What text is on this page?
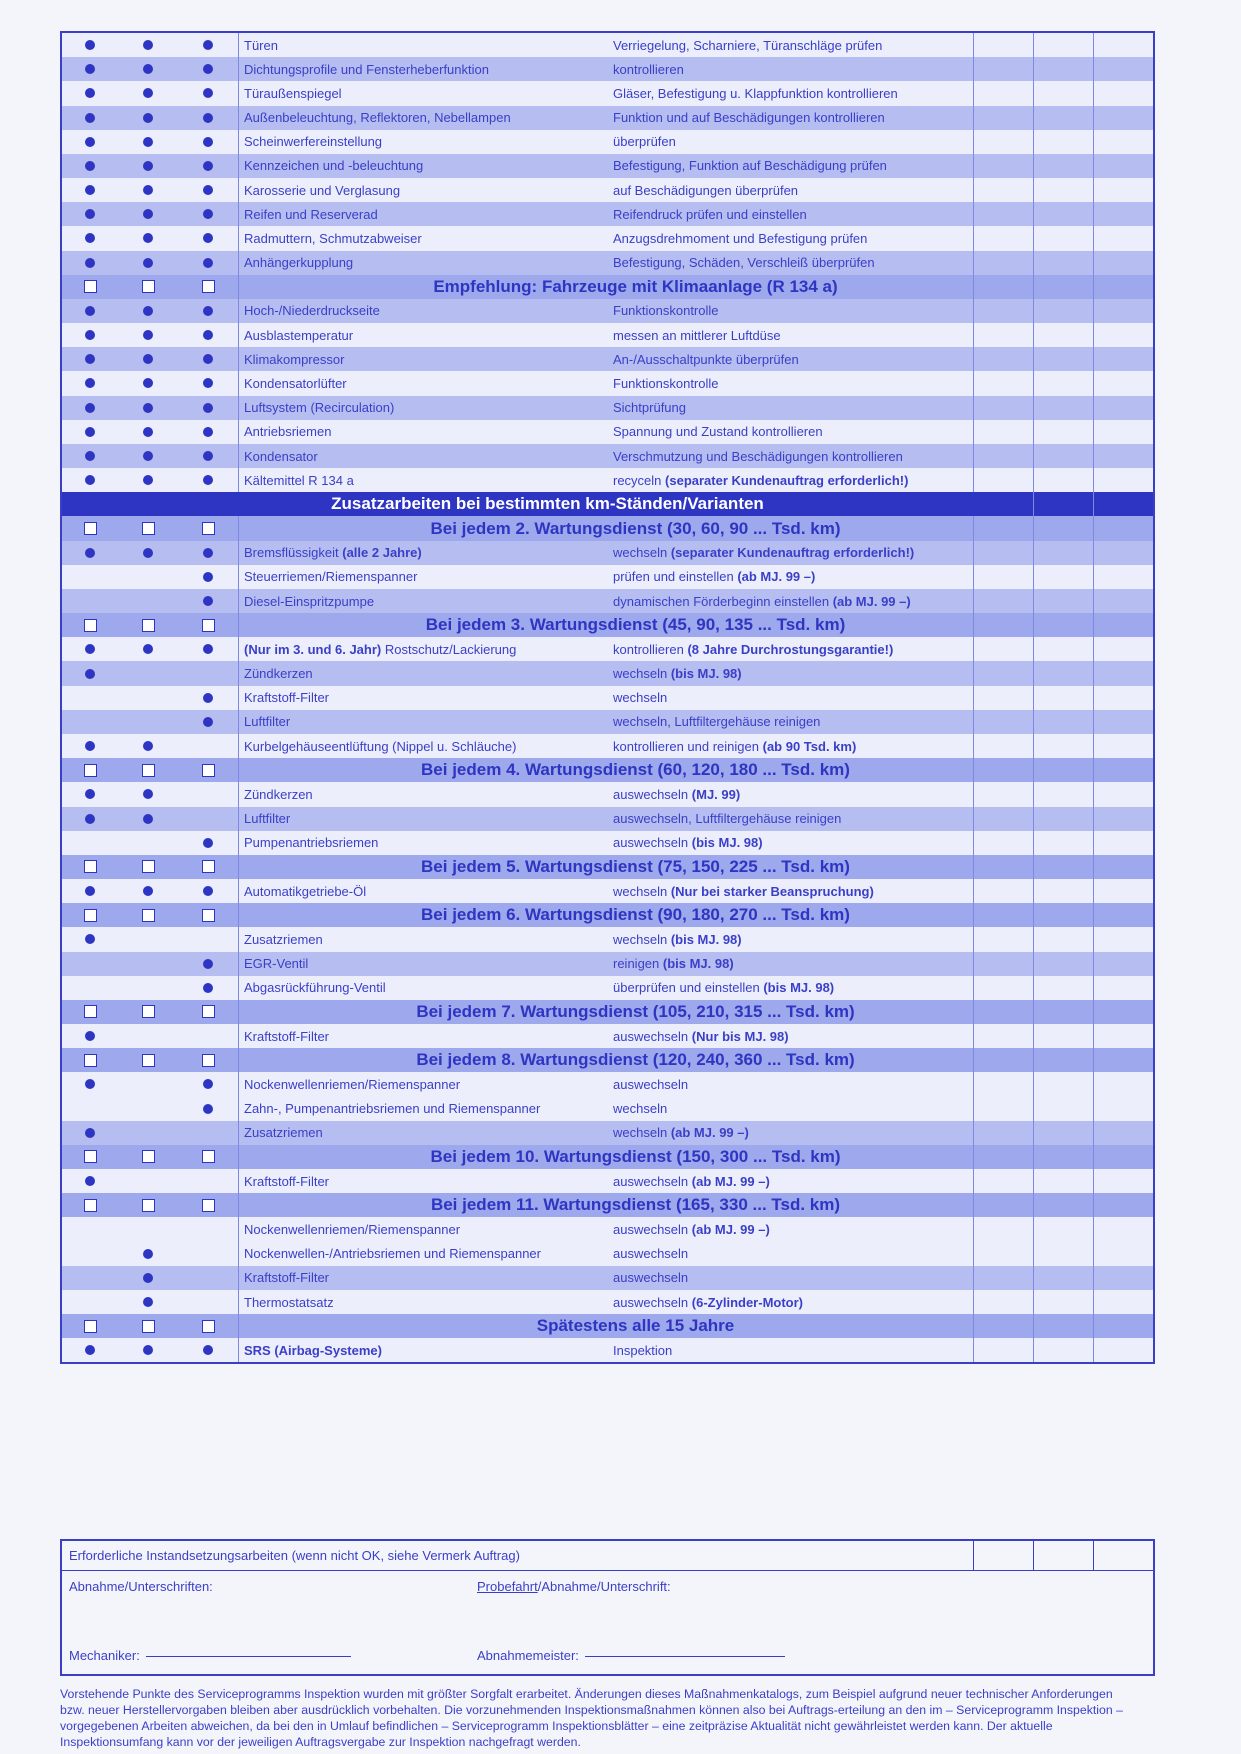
Türen	Verriegelung, Scharniere, Türanschläge prüfen
Dichtungsprofile und Fensterheberfunktion	kontrollieren
Türaußenspiegel	Gläser, Befestigung u. Klappfunktion kontrollieren
Außenbeleuchtung, Reflektoren, Nebellampen	Funktion und auf Beschädigungen kontrollieren
Scheinwerfereinstellung	überprüfen
Kennzeichen und -beleuchtung	Befestigung, Funktion auf Beschädigung prüfen
Karosserie und Verglasung	auf Beschädigungen überprüfen
Reifen und Reserverad	Reifendruck prüfen und einstellen
Radmuttern, Schmutzabweiser	Anzugsdrehmoment und Befestigung prüfen
Anhängerkupplung	Befestigung, Schäden, Verschleiß überprüfen
Empfehlung: Fahrzeuge mit Klimaanlage (R 134 a)
Hoch-/Niederdruckseite	Funktionskontrolle
Ausblastemperatur	messen an mittlerer Luftdüse
Klimakompressor	An-/Ausschaltpunkte überprüfen
Kondensatorlüfter	Funktionskontrolle
Luftsystem (Recirculation)	Sichtprüfung
Antriebsriemen	Spannung und Zustand kontrollieren
Kondensator	Verschmutzung und Beschädigungen kontrollieren
Kältemittel R 134 a	recyceln (separater Kundenauftrag erforderlich!)
Zusatzarbeiten bei bestimmten km-Ständen/Varianten
Bei jedem 2. Wartungsdienst (30, 60, 90 ... Tsd. km)
Bremsflüssigkeit (alle 2 Jahre)	wechseln (separater Kundenauftrag erforderlich!)
Steuerriemen/Riemenspanner	prüfen und einstellen (ab MJ. 99 –)
Diesel-Einspritzpumpe	dynamischen Förderbeginn einstellen (ab MJ. 99 –)
Bei jedem 3. Wartungsdienst (45, 90, 135 ... Tsd. km)
(Nur im 3. und 6. Jahr) Rostschutz/Lackierung	kontrollieren (8 Jahre Durchrostungsgarantie!)
Zündkerzen	wechseln (bis MJ. 98)
Kraftstoff-Filter	wechseln
Luftfilter	wechseln, Luftfiltergehäuse reinigen
Kurbelgehäuseentlüftung (Nippel u. Schläuche)	kontrollieren und reinigen (ab 90 Tsd. km)
Bei jedem 4. Wartungsdienst (60, 120, 180 ... Tsd. km)
Zündkerzen	auswechseln (MJ. 99)
Luftfilter	auswechseln, Luftfiltergehäuse reinigen
Pumpenantriebsriemen	auswechseln (bis MJ. 98)
Bei jedem 5. Wartungsdienst (75, 150, 225 ... Tsd. km)
Automatikgetriebe-Öl	wechseln (Nur bei starker Beanspruchung)
Bei jedem 6. Wartungsdienst (90, 180, 270 ... Tsd. km)
Zusatzriemen	wechseln (bis MJ. 98)
EGR-Ventil	reinigen (bis MJ. 98)
Abgasrückführung-Ventil	überprüfen und einstellen (bis MJ. 98)
Bei jedem 7. Wartungsdienst (105, 210, 315 ... Tsd. km)
Kraftstoff-Filter	auswechseln (Nur bis MJ. 98)
Bei jedem 8. Wartungsdienst (120, 240, 360 ... Tsd. km)
Nockenwellenriemen/Riemenspanner	auswechseln
Zahn-, Pumpenantriebsriemen und Riemenspanner	wechseln
Zusatzriemen	wechseln (ab MJ. 99 –)
Bei jedem 10. Wartungsdienst (150, 300 ... Tsd. km)
Kraftstoff-Filter	auswechseln (ab MJ. 99 –)
Bei jedem 11. Wartungsdienst (165, 330 ... Tsd. km)
Nockenwellenriemen/Riemenspanner	auswechseln (ab MJ. 99 –)
Nockenwellen-/Antriebsriemen und Riemenspanner	auswechseln
Kraftstoff-Filter	auswechseln
Thermostatsatz	auswechseln (6-Zylinder-Motor)
Spätestens alle 15 Jahre
SRS (Airbag-Systeme)	Inspektion
Erforderliche Instandsetzungsarbeiten (wenn nicht OK, siehe Vermerk Auftrag)
Abnahme/Unterschriften:	Probefahrt/Abnahme/Unterschrift:
Mechaniker:	Abnahmemeister:
Vorstehende Punkte des Serviceprogramms Inspektion wurden mit größter Sorgfalt erarbeitet. Änderungen dieses Maßnahmenkatalogs, zum Beispiel aufgrund neuer technischer Anforderungen bzw. neuer Herstellervorgaben bleiben aber ausdrücklich vorbehalten. Die vorzunehmenden Inspektionsmaßnahmen können also bei Auftrags-erteilung an den im – Serviceprogramm Inspektion – vorgegebenen Arbeiten abweichen, da bei den in Umlauf befindlichen – Serviceprogramm Inspektionsblätter – eine zeitpräzise Aktualität nicht gewährleistet werden kann. Der aktuelle Inspektionsumfang kann vor der jeweiligen Auftragsvergabe zur Inspektion nachgefragt werden.
